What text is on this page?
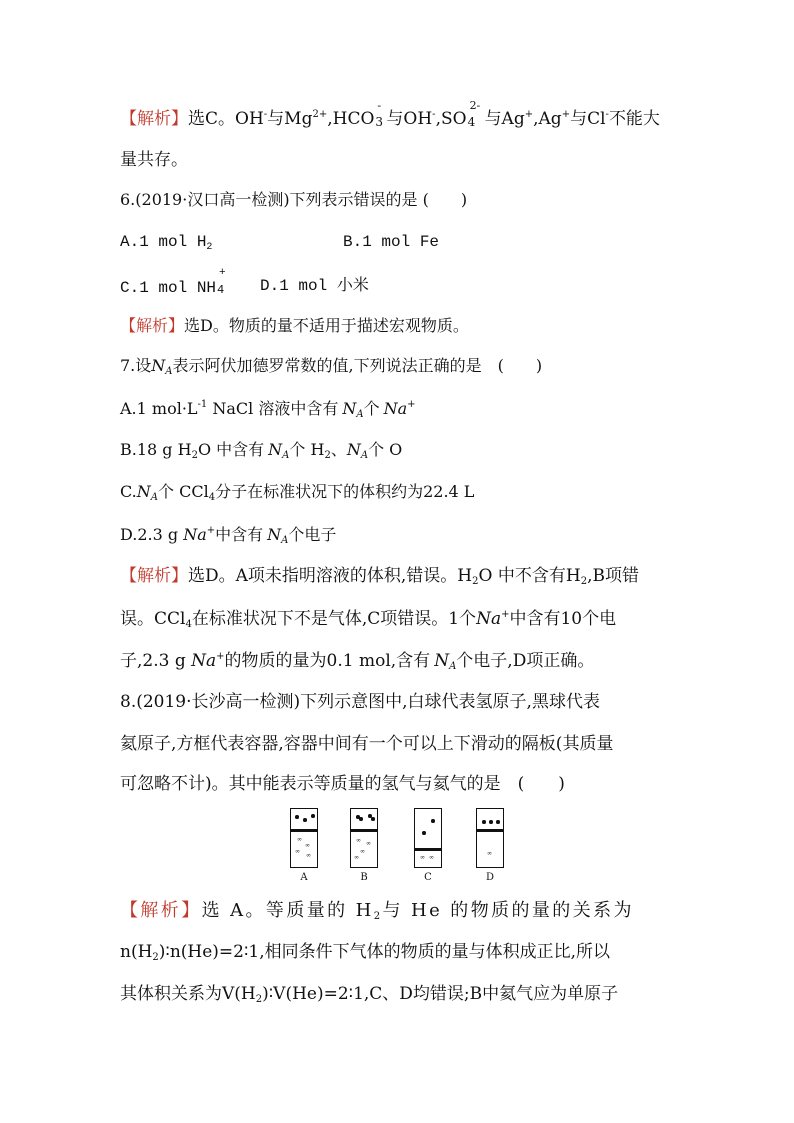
【解析】选C。OH-与$Mg^{2+},HCO$
-
3 与OH-,SO
2-
4 与Ag+,Ag+与Cl-不能大
量共存。
6.(2019·汉口高一检测)下列表示错误的是 (　　)
A.1 mol $H_2$	B.1 mol Fe
C.1 mol NH
+
4 D.1 mol 小米
【解析】选D。物质的量不适用于描述宏观物质。
7.设$N_A$表示阿伏加德罗常数的值,下列说法正确的是　(　　)
A.1 $mol\cdot L^{-1}$ NaCl 溶液中含有 $N_A$个 Na+
B.18 g $H_2O$ 中含有 $N_A$个 $H_2$、$N_A$个 O
$C.N_A$个 CCl$_4$分子在标准状况下的体积约为22.4 L
D.2.3 g Na+中含有 $N_A$个电子
【解析】选D。A项未指明溶液的体积,错误。$H_2O$ 中不含有$H_2,B$项错
误。CCl$_4$在标准状况下不是气体,C项错误。1个Na+中含有10个电
子,2.3 g Na+的物质的量为0.1 mol,含有 $N_A$个电子,D项正确。
8.(2019·长沙高一检测)下列示意图中,白球代表氢原子,黑球代表
氦原子,方框代表容器,容器中间有一个可以上下滑动的隔板(其质量
可忽略不计)。其中能表示等质量的氢气与氦气的是　(　　)
∞
∞
∞
∞
∞ ∞
∞
∞	∞ ∞
∞
A	B	C	D
【解析】选 A。等质量的 $H_2$与 He 的物质的量的关系为
$n(H_2)∶n(He)=2∶1$,相同条件下气体的物质的量与体积成正比,所以
其体积关系为$V(H_2)∶V(He)=2∶1,C$、D均错误;B中氦气应为单原子
